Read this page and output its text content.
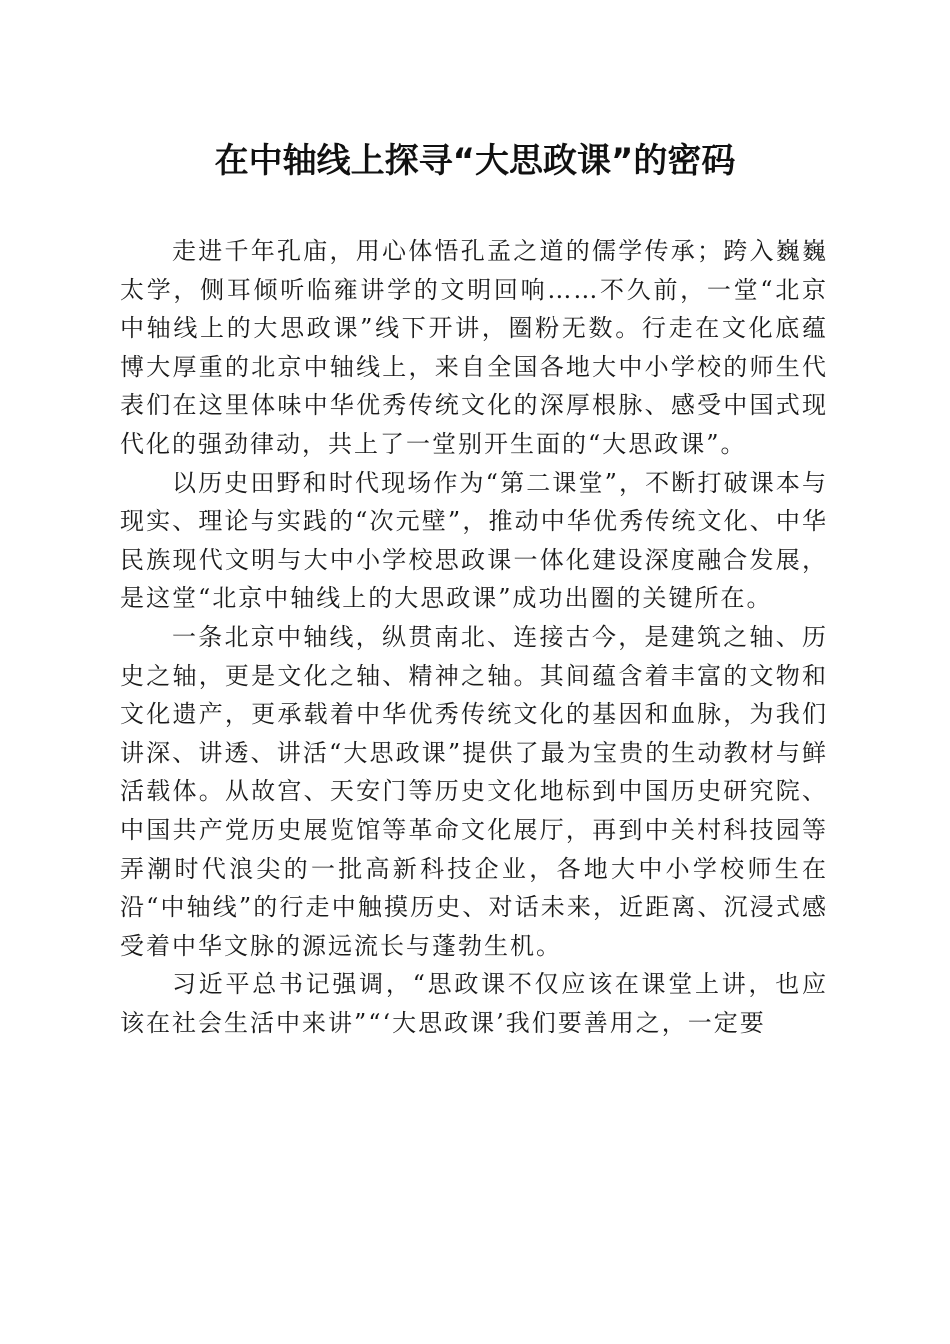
在中轴线上探寻“大思政课”的密码

走进千年孔庙，用心体悟孔孟之道的儒学传承；跨入巍巍太学，侧耳倾听临雍讲学的文明回响……不久前，一堂“北京中轴线上的大思政课”线下开讲，圈粉无数。行走在文化底蕴博大厚重的北京中轴线上，来自全国各地大中小学校的师生代表们在这里体味中华优秀传统文化的深厚根脉、感受中国式现代化的强劲律动，共上了一堂别开生面的“大思政课”。

以历史田野和时代现场作为“第二课堂”，不断打破课本与现实、理论与实践的“次元壁”，推动中华优秀传统文化、中华民族现代文明与大中小学校思政课一体化建设深度融合发展，是这堂“北京中轴线上的大思政课”成功出圈的关键所在。

一条北京中轴线，纵贯南北、连接古今，是建筑之轴、历史之轴，更是文化之轴、精神之轴。其间蕴含着丰富的文物和文化遗产，更承载着中华优秀传统文化的基因和血脉，为我们讲深、讲透、讲活“大思政课”提供了最为宝贵的生动教材与鲜活载体。从故宫、天安门等历史文化地标到中国历史研究院、中国共产党历史展览馆等革命文化展厅，再到中关村科技园等弄潮时代浪尖的一批高新科技企业，各地大中小学校师生在沿“中轴线”的行走中触摸历史、对话未来，近距离、沉浸式感受着中华文脉的源远流长与蓬勃生机。

习近平总书记强调，“思政课不仅应该在课堂上讲，也应该在社会生活中来讲”“‘大思政课’我们要善用之，一定要
